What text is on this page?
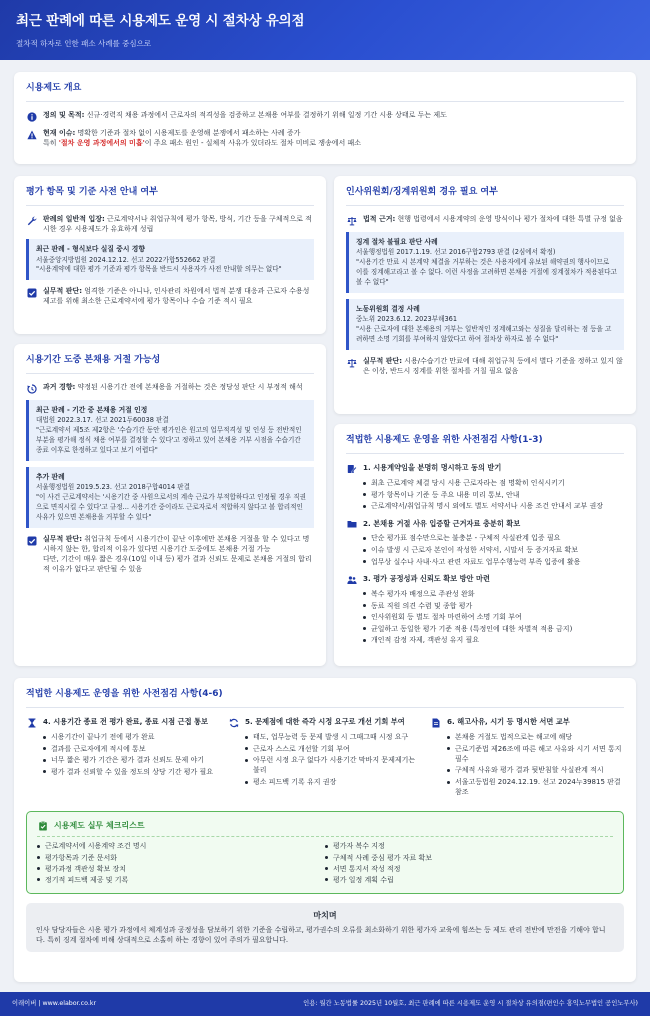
최근 판례에 따른 시용제도 운영 시 절차상 유의점
절차적 하자로 인한 패소 사례를 중심으로
시용제도 개요
정의 및 목적: 신규·경력직 채용 과정에서 근로자의 적격성을 검증하고 본채용 여부를 결정하기 위해 일정 기간 시용 상태로 두는 제도
현재 이슈: 명확한 기준과 절차 없이 시용제도를 운영해 분쟁에서 패소하는 사례 증가
특히 '절차 운영 과정에서의 미흡'이 주요 패소 원인 - 실체적 사유가 있더라도 절차 미비로 쟁송에서 패소
평가 항목 및 기준 사전 안내 여부
판례의 일반적 입장: 근로계약서나 취업규칙에 평가 항목, 방식, 기간 등을 구체적으로 적시한 경우 시용제도가 유효하게 성립
최근 판례 - 형식보다 실질 중시 경향
서울중앙지방법원 2024.12.12. 선고 2022가합552662 판결
"시용계약에 대한 평가 기준과 평가 항목을 반드시 사용자가 사전 안내할 의무는 없다"
실무적 판단: 엄격한 기준은 아니나, 인사관리 차원에서 법적 분쟁 대응과 근로자 수용성 제고를 위해 최소한 근로계약서에 평가 항목이나 수습 기준 적시 필요
시용기간 도중 본채용 거절 가능성
과거 경향: 약정된 시용기간 전에 본채용을 거절하는 것은 정당성 판단 시 부정적 해석
최근 판례 - 기간 중 본채용 거절 인정
대법원 2022.3.17. 선고 2021두60038 판결
"근로계약서 제5조 제2항은 '수습기간 동안 평가인은 원고의 업무적격성 및 인성 등 전반적인 부분을 평가해 정식 채용 여부를 결정할 수 있다'고 정하고 있어 본채용 거부 시점을 수습기간 종료 이후로 한정하고 있다고 보기 어렵다"
추가 판례
서울행정법원 2019.5.23. 선고 2018구합4014 판결
"이 사건 근로계약서는 '시용기간 중 사원으로서의 계속 근로가 부적합하다고 인정될 경우 직권으로 면직시킬 수 있다'고 규정... 시용기간 중이라도 근로자로서 적합하지 않다고 볼 합리적인 사유가 있으면 본채용을 거부할 수 있다"
실무적 판단: 취업규칙 등에서 시용기간이 끝난 이후에만 본채용 거절을 할 수 있다고 명시하지 않는 한, 합리적 이유가 있다면 시용기간 도중에도 본채용 거절 가능
다만, 기간이 매우 짧은 경우(10일 이내 등) 평가 결과 신뢰도 문제로 본채용 거절의 합리적 이유가 없다고 판단될 수 있음
인사위원회/징계위원회 경유 필요 여부
법적 근거: 현행 법령에서 시용계약의 운영 방식이나 평가 절차에 대한 특별 규정 없음
징계 절차 불필요 판단 사례
서울행정법원 2017.1.19. 선고 2016구합2793 판결 (2심에서 확정)
"시용기간 만료 시 본계약 체결을 거부하는 것은 사용자에게 유보된 해약권의 행사이므로 이를 징계해고라고 볼 수 없다. 이런 사정을 고려하면 본채용 거절에 징계절차가 적용된다고 볼 수 없다"
노동위원회 결정 사례
중노위 2023.6.12. 2023부해361
"시용 근로자에 대한 본채용의 거부는 일반적인 징계해고와는 성질을 달리하는 점 등을 고려하면 소명 기회를 부여하지 않았다고 하여 절차상 하자로 볼 수 없다"
실무적 판단: 시용/수습기간 만료에 대해 취업규칙 등에서 별다 기준을 정하고 있지 않은 이상, 반드시 징계를 위한 절차를 거칠 필요 없음
적법한 시용제도 운영을 위한 사전점검 사항(1-3)
1. 시용계약임을 분명히 명시하고 동의 받기
최초 근로계약 체결 당시 시용 근로자라는 점 명확히 인식시키기
평가 항목이나 기준 등 주요 내용 미리 통보, 안내
근로계약서/취업규칙 명시 외에도 별도 서약서나 시용 조건 안내서 교부 권장
2. 본채용 거절 사유 입증할 근거자료 충분히 확보
단순 평가표 점수만으로는 불충분 - 구체적 사실관계 입증 필요
이슈 발생 시 근로자 본인이 작성한 서약서, 시말서 등 증거자료 확보
업무상 실수나 사내·사고 관련 자료도 업무수행능력 부족 입증에 활용
3. 평가 공정성과 신뢰도 확보 방안 마련
복수 평가자 배정으로 주관성 완화
동료 직원 의견 수렴 및 종합 평가
인사위원회 등 별도 절차 마련하여 소명 기회 부여
균일하고 동일한 평가 기준 적용 (특정인에 대한 차별적 적용 금지)
개인적 감정 자제, 객관성 유지 필요
적법한 시용제도 운영을 위한 사전점검 사항(4-6)
4. 시용기간 종료 전 평가 완료, 종료 시점 근접 통보
시용기간이 끝나기 전에 평가 완료
결과를 근로자에게 적시에 통보
너무 짧은 평가 기간은 평가 결과 신뢰도 문제 야기
평가 결과 신뢰할 수 있을 정도의 상당 기간 평가 필요
5. 문제점에 대한 즉각 시정 요구로 개선 기회 부여
태도, 업무능력 등 문제 발생 시 그때그때 시정 요구
근로자 스스로 개선할 기회 부여
아무런 시정 요구 없다가 시용기간 막바지 문제제기는 불리
평소 피드백 기록 유지 권장
6. 해고사유, 시기 등 명시한 서면 교부
본채용 거절도 법적으로는 해고에 해당
근로기준법 제26조에 따른 해고 사유와 시기 서면 통지 필수
구체적 사유와 평가 결과 뒷받침할 사실관계 적시
서울고등법원 2024.12.19. 선고 2024누39815 판결 참조
시용제도 실무 체크리스트
근로계약서에 시용계약 조건 명시
평가항목과 기준 문서화
평가과정 객관성 확보 장치
정기적 피드백 제공 및 기록
평가자 복수 지정
구체적 사례 중심 평가 자료 확보
서면 통지서 작성 적정
평가 일정 계획 수립
마치며
인사 담당자들은 시용 평가 과정에서 체계성과 공정성을 담보하기 위한 기준을 수립하고, 평가권수의 오류를 최소화하기 위한 평가자 교육에 힘쓰는 등 제도 관리 전반에 만전을 기해야 합니다. 특히 징계 절차에 비해 상대적으로 소홀히 하는 경향이 있어 주의가 필요합니다.
이래이버 | www.elabor.co.kr	인용: 월간 노동법률 2025년 10월호, 최근 판례에 따른 시용제도 운영 시 절차상 유의점(편인수 홍익노무법인 공인노무사)
